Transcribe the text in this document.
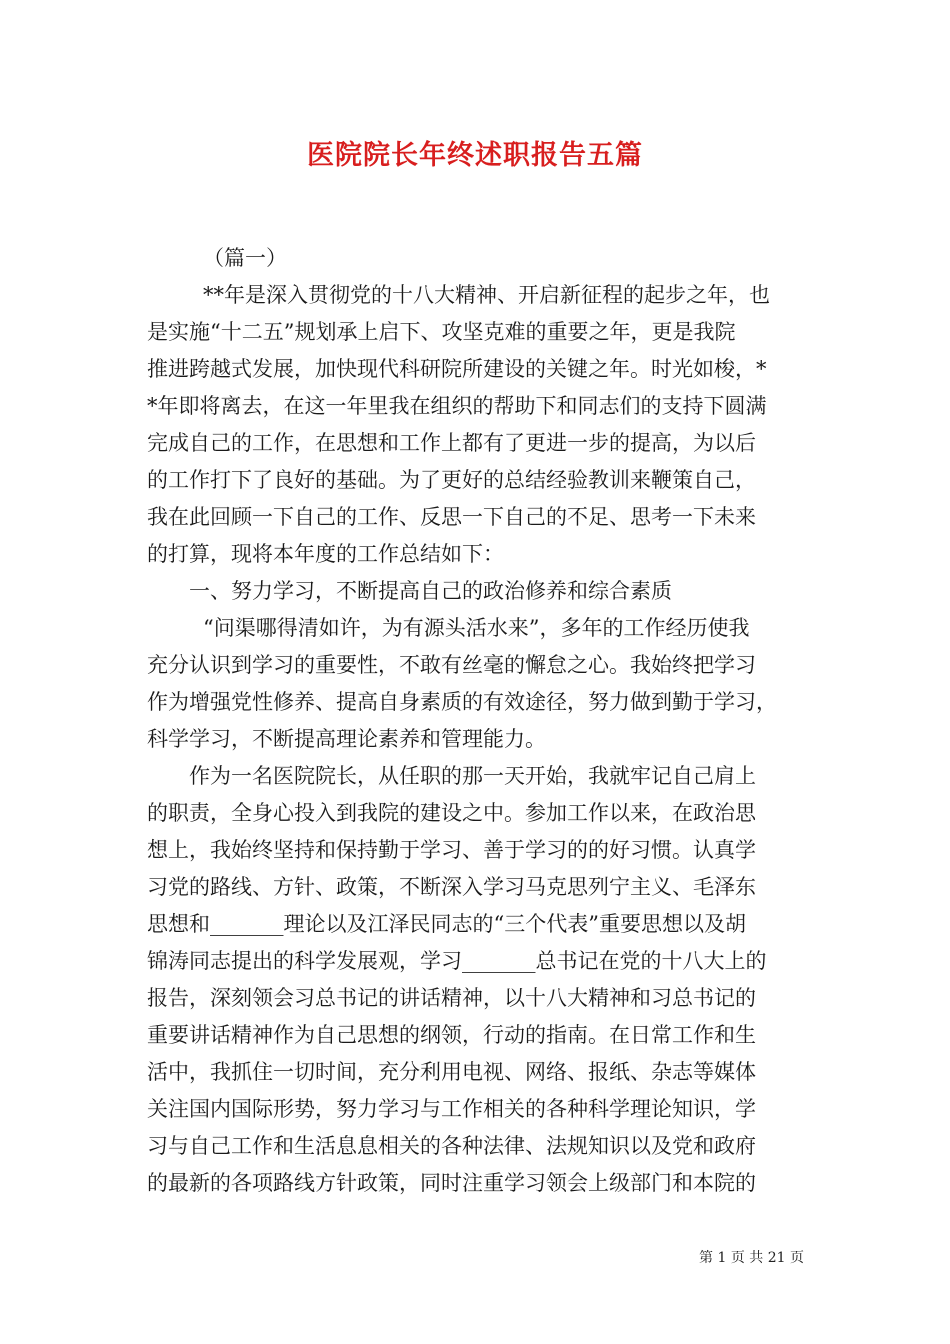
医院院长年终述职报告五篇
（篇一）
**年是深入贯彻党的十八大精神、开启新征程的起步之年，也
是实施“十二五”规划承上启下、攻坚克难的重要之年，更是我院
推进跨越式发展，加快现代科研院所建设的关键之年。时光如梭，*
*年即将离去，在这一年里我在组织的帮助下和同志们的支持下圆满
完成自己的工作，在思想和工作上都有了更进一步的提高，为以后
的工作打下了良好的基础。为了更好的总结经验教训来鞭策自己，
我在此回顾一下自己的工作、反思一下自己的不足、思考一下未来
的打算，现将本年度的工作总结如下：
一、努力学习，不断提高自己的政治修养和综合素质
“问渠哪得清如许，为有源头活水来”，多年的工作经历使我
充分认识到学习的重要性，不敢有丝毫的懈怠之心。我始终把学习
作为增强党性修养、提高自身素质的有效途径，努力做到勤于学习，
科学学习，不断提高理论素养和管理能力。
作为一名医院院长，从任职的那一天开始，我就牢记自己肩上
的职责，全身心投入到我院的建设之中。参加工作以来，在政治思
想上，我始终坚持和保持勤于学习、善于学习的的好习惯。认真学
习党的路线、方针、政策，不断深入学习马克思列宁主义、毛泽东
思想和_______理论以及江泽民同志的“三个代表”重要思想以及胡
锦涛同志提出的科学发展观，学习_______总书记在党的十八大上的
报告，深刻领会习总书记的讲话精神，以十八大精神和习总书记的
重要讲话精神作为自己思想的纲领，行动的指南。在日常工作和生
活中，我抓住一切时间，充分利用电视、网络、报纸、杂志等媒体
关注国内国际形势，努力学习与工作相关的各种科学理论知识，学
习与自己工作和生活息息相关的各种法律、法规知识以及党和政府
的最新的各项路线方针政策，同时注重学习领会上级部门和本院的
第 1 页 共 21 页
